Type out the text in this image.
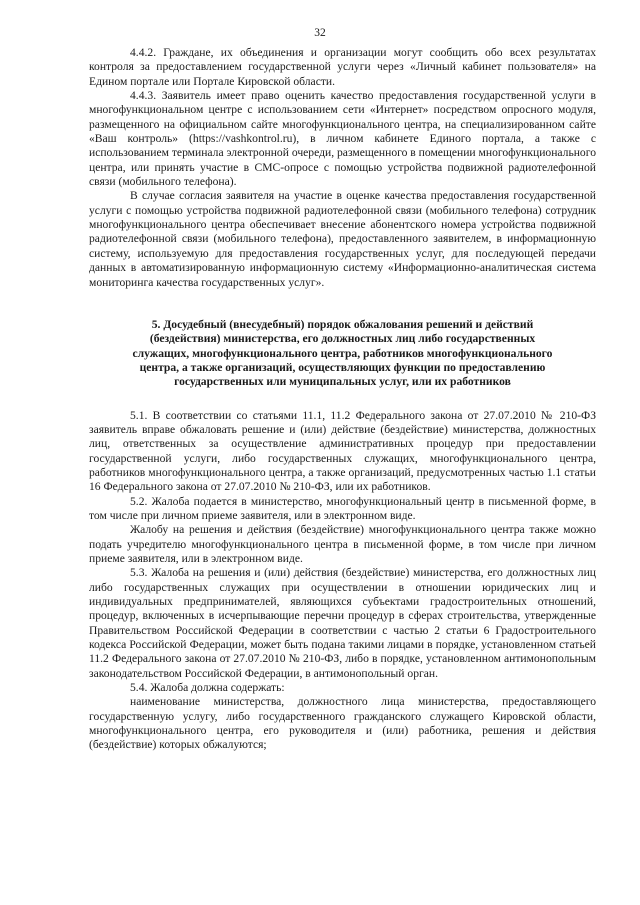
32

4.4.2. Граждане, их объединения и организации могут сообщить обо всех результатах контроля за предоставлением государственной услуги через «Личный кабинет пользователя» на Едином портале или Портале Кировской области.

4.4.3. Заявитель имеет право оценить качество предоставления государственной услуги в многофункциональном центре с использованием сети «Интернет» посредством опросного модуля, размещенного на официальном сайте многофункционального центра, на специализированном сайте «Ваш контроль» (https://vashkontrol.ru), в личном кабинете Единого портала, а также с использованием терминала электронной очереди, размещенного в помещении многофункционального центра, или принять участие в СМС-опросе с помощью устройства подвижной радиотелефонной связи (мобильного телефона).

В случае согласия заявителя на участие в оценке качества предоставления государственной услуги с помощью устройства подвижной радиотелефонной связи (мобильного телефона) сотрудник многофункционального центра обеспечивает внесение абонентского номера устройства подвижной радиотелефонной связи (мобильного телефона), предоставленного заявителем, в информационную систему, используемую для предоставления государственных услуг, для последующей передачи данных в автоматизированную информационную систему «Информационно-аналитическая система мониторинга качества государственных услуг».

5. Досудебный (внесудебный) порядок обжалования решений и действий (бездействия) министерства, его должностных лиц либо государственных служащих, многофункционального центра, работников многофункционального центра, а также организаций, осуществляющих функции по предоставлению государственных или муниципальных услуг, или их работников

5.1. В соответствии со статьями 11.1, 11.2 Федерального закона от 27.07.2010 № 210-ФЗ заявитель вправе обжаловать решение и (или) действие (бездействие) министерства, должностных лиц, ответственных за осуществление административных процедур при предоставлении государственной услуги, либо государственных служащих, многофункционального центра, работников многофункционального центра, а также организаций, предусмотренных частью 1.1 статьи 16 Федерального закона от 27.07.2010 № 210-ФЗ, или их работников.

5.2. Жалоба подается в министерство, многофункциональный центр в письменной форме, в том числе при личном приеме заявителя, или в электронном виде.

Жалобу на решения и действия (бездействие) многофункционального центра также можно подать учредителю многофункционального центра в письменной форме, в том числе при личном приеме заявителя, или в электронном виде.

5.3. Жалоба на решения и (или) действия (бездействие) министерства, его должностных лиц либо государственных служащих при осуществлении в отношении юридических лиц и индивидуальных предпринимателей, являющихся субъектами градостроительных отношений, процедур, включенных в исчерпывающие перечни процедур в сферах строительства, утвержденные Правительством Российской Федерации в соответствии с частью 2 статьи 6 Градостроительного кодекса Российской Федерации, может быть подана такими лицами в порядке, установленном статьей 11.2 Федерального закона от 27.07.2010 № 210-ФЗ, либо в порядке, установленном антимонопольным законодательством Российской Федерации, в антимонопольный орган.

5.4. Жалоба должна содержать:

наименование министерства, должностного лица министерства, предоставляющего государственную услугу, либо государственного гражданского служащего Кировской области, многофункционального центра, его руководителя и (или) работника, решения и действия (бездействие) которых обжалуются;
